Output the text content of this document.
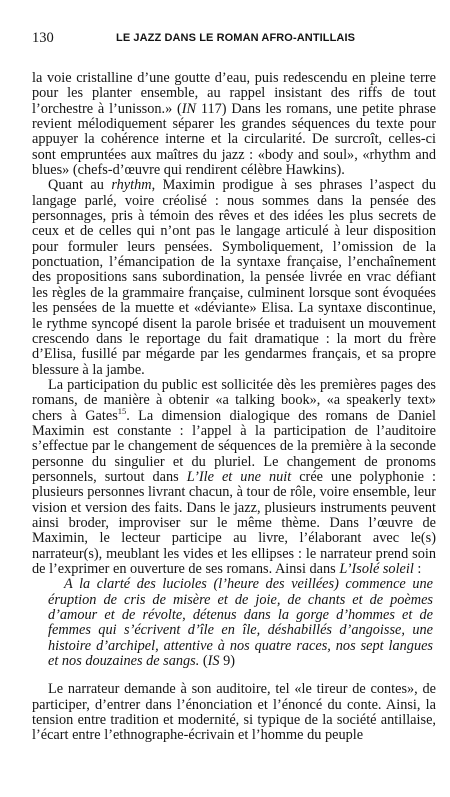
130	LE JAZZ DANS LE ROMAN AFRO-ANTILLAIS

la voie cristalline d’une goutte d’eau, puis redescendu en pleine terre pour les planter ensemble, au rappel insistant des riffs de tout l’orchestre à l’unisson.» (IN 117) Dans les romans, une petite phrase revient mélodiquement séparer les grandes séquences du texte pour appuyer la cohérence interne et la circularité. De surcroît, celles-ci sont empruntées aux maîtres du jazz : «body and soul», «rhythm and blues» (chefs-d’œuvre qui rendirent célèbre Hawkins).

Quant au rhythm, Maximin prodigue à ses phrases l’aspect du langage parlé, voire créolisé : nous sommes dans la pensée des personnages, pris à témoin des rêves et des idées les plus secrets de ceux et de celles qui n’ont pas le langage articulé à leur disposition pour formuler leurs pensées. Symboliquement, l’omission de la ponctuation, l’émancipation de la syntaxe française, l’enchaînement des propositions sans subordination, la pensée livrée en vrac défiant les règles de la grammaire française, culminent lorsque sont évoquées les pensées de la muette et «déviante» Elisa. La syntaxe discontinue, le rythme syncopé disent la parole brisée et traduisent un mouvement crescendo dans le reportage du fait dramatique : la mort du frère d’Elisa, fusillé par mégarde par les gendarmes français, et sa propre blessure à la jambe.

La participation du public est sollicitée dès les premières pages des romans, de manière à obtenir «a talking book», «a speakerly text» chers à Gates$^{15}$. La dimension dialogique des romans de Daniel Maximin est constante : l’appel à la participation de l’auditoire s’effectue par le changement de séquences de la première à la seconde personne du singulier et du pluriel. Le changement de pronoms personnels, surtout dans L’Ile et une nuit crée une polyphonie : plusieurs personnes livrant chacun, à tour de rôle, voire ensemble, leur vision et version des faits. Dans le jazz, plusieurs instruments peuvent ainsi broder, improviser sur le même thème. Dans l’œuvre de Maximin, le lecteur participe au livre, l’élaborant avec le(s) narrateur(s), meublant les vides et les ellipses : le narrateur prend soin de l’exprimer en ouverture de ses romans. Ainsi dans L’Isolé soleil :

A la clarté des lucioles (l’heure des veillées) commence une éruption de cris de misère et de joie, de chants et de poèmes d’amour et de révolte, détenus dans la gorge d’hommes et de femmes qui s’écrivent d’île en île, déshabillés d’angoisse, une histoire d’archipel, attentive à nos quatre races, nos sept langues et nos douzaines de sangs. (IS 9)

Le narrateur demande à son auditoire, tel «le tireur de contes», de participer, d’entrer dans l’énonciation et l’énoncé du conte. Ainsi, la tension entre tradition et modernité, si typique de la société antillaise, l’écart entre l’ethnographe-écrivain et l’homme du peuple
